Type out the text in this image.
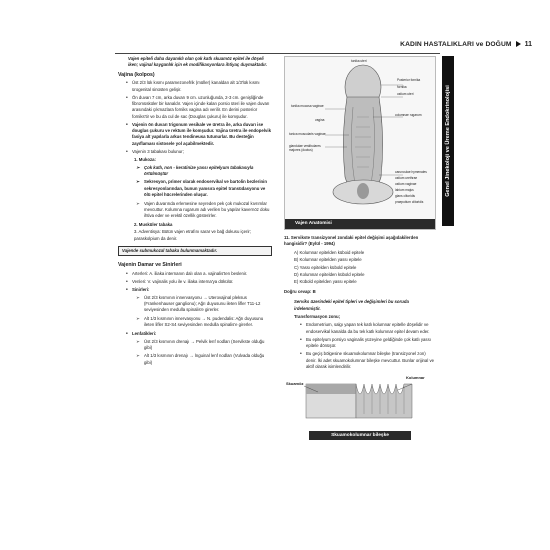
KADIN HASTALIKLARI ve DOĞUM 11
Genel Jinekoloji ve Üreme Endokrinolojisi
Vajen epiteli daha dayanıklı olan çok katlı skuamöz epitel ile döşeli iken; vajinal kayganlık için ek modifikasyonlara ihtiyaç duymaktadır.
Vajina (kolpos)
• Üst 2/3 lük kısmı paramezonefrik (müller) kanaldan alt 1/3'lük kısmı ürogenital sinüsten gelişir.
• Ön duvarı 7 cm, arka duvarı 9 cm. uzunluğunda, 2-3 cm. genişliğinde fibromüsküler bir kanaldır. Vajen içinde kalan porsio üteri ile vajen duvarı arasındaki çıkmazlara forniks vagina adı verilir. En derini posterior forniks'tir ve bu da cul de sac (Douglas çukuru) ile komşudur.
• Vajenin ön duvarı trigonum vesikale ve üretra ile, arka duvarı ise douglas çukuru ve rektum ile komşudur. Vajina üretra ile endopelvik fasiya alt yapılarla arkus tendineusa tutunurlar. Bu desteğin zayıflaması sistosele yol açabilmektedir.
• Vajenin 3 tabakası bulunur;
1. Mukoza:
➢ Çok katlı, non - keratinize yassı epitelyum tabakasıyla örtülmüştür
➢ Sekresyon, primer olarak endoservikal ve bartolin bezlerinin sekresyonlarından, bunun yanısıra epitel transüdasyonu ve ölü epitel hücrelerinden oluşur.
➢ Vajen duvarında erlemesine seyreden pek çok mukozal kıvrımlar mevcuttur. Kolumna rugarum adı verilen bu yapılar kavernöz doku ihtiva eder ve erektil özellik gösterirler.
2. Musküler tabaka
3. Adventisya: Bütün vajen etrafını sarar ve bağ dokusu içerir; paraskolpium da denir.
Vajende submukozal tabaka bulunmamaktadır.
Vajenin Damar ve Sinirleri
• Arterleri: A. iliaka internanın dalı olan a. vajinalis'ten beslenir.
• Venleri: V. vajinalis yolu ile v. iliaka interna'ya dökülür.
• Sinirleri:
➢ Üst 2/3 kısmının innervasyonu → Uterovajinal pleksus (Frankenhauser ganglionu); Ağrı duyusunu ileten lifler T11-L2 seviyesinden medulla spinalis'e girerler.
➢ Alt 1/3 kısmının innervasyonu → N. pudendalis: Ağrı duyusunu ileten lifler S2-S4 seviyesinden medulla spinalis'e girerler.
• Lenfatikleri:
➢ Üst 2/3 kısmının drenajı → Pelvik lenf nodları (Servikste olduğu gibi)
➢ Alt 1/3 kısmının drenajı → İnguinal lenf nodları (Vulvada olduğu gibi)
tunika uteri
Posterior fornika
fornika
ostium uteri
tunika mucosa vaginae
columnae rugarum
vagina
tunica muscularis vaginae
glandulae vestibulares majores (ductus)
carunculae hymenales
ostium urethrae
ostium vaginae
labium majus
glans clitoridis
praeputium clitoridis
Vajen Anatomisi
11. Servikste transizyonel zondaki epitel değişimi aşağıdakilerden hangisidir? (Eylül - 1994)
A) Kolumnar epitelden küboid epitele
B) Kolumnar epitelden yassı epitele
C) Yassı epitelden kübold epitele
D) Kolumnar epitelden kübold epitele
E) Kübold epitelden yassı epitele
Doğru cevap: B
Serviks üzerindeki epitel tipleri ve değişimleri bu soruda irdelenmiştir.
Transformasyon zonu;
• Endometrium, salgı yapan tek katlı kolumnar epitelle döşelidir ve endoservikal kanalda da bu tek katlı kolumnar epitel devam eder.
• Bu epitelyum porsiyo vaginalis yüzeyine geldiğinde çok katlı yassı epitele dönüşür.
• Bu geçiş bölgesine skuamokolumnar bileşke (transizyonel zon) denir. İki adet skuamokolumnar bileşke mevcuttur. Bunlar orijinal ve aktif olarak isimlendirilir.
Skuamöz
Kolumnar
Skuamokolumnar bileşke
